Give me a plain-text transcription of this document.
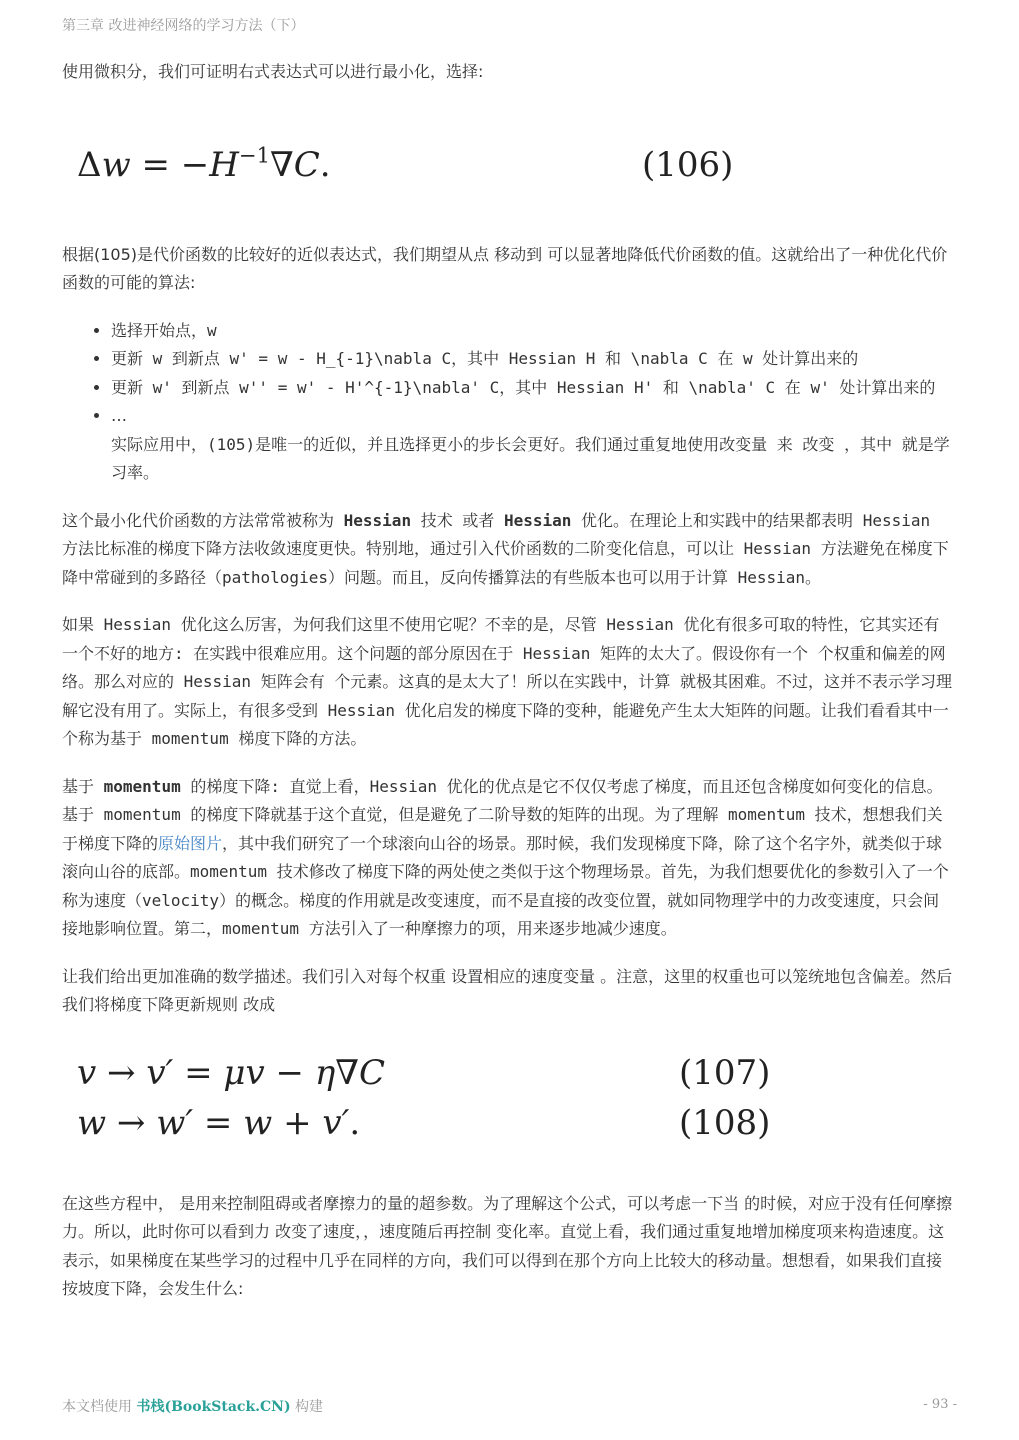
第三章 改进神经网络的学习方法（下）

使用微积分，我们可证明右式表达式可以进行最小化，选择:

$\Delta w = -H^{-1}\nabla C$.	(106)

根据(105)是代价函数的比较好的近似表达式，我们期望从点 移动到 可以显著地降低代价函数的值。这就给出了一种优化代价函数的可能的算法:

• 选择开始点，w
• 更新 w 到新点 w' = w - H_{-1}\nabla C，其中 Hessian H 和 \nabla C 在 w 处计算出来的
• 更新 w' 到新点 w'' = w' - H'^{-1}\nabla' C，其中 Hessian H' 和 \nabla' C 在 w' 处计算出来的
• …
实际应用中，(105)是唯一的近似，并且选择更小的步长会更好。我们通过重复地使用改变量 来 改变 ，其中 就是学习率。

这个最小化代价函数的方法常常被称为 Hessian 技术 或者 Hessian 优化。在理论上和实践中的结果都表明 Hessian 方法比标准的梯度下降方法收敛速度更快。特别地，通过引入代价函数的二阶变化信息，可以让 Hessian 方法避免在梯度下降中常碰到的多路径（pathologies）问题。而且，反向传播算法的有些版本也可以用于计算 Hessian。

如果 Hessian 优化这么厉害，为何我们这里不使用它呢？不幸的是，尽管 Hessian 优化有很多可取的特性，它其实还有一个不好的地方: 在实践中很难应用。这个问题的部分原因在于 Hessian 矩阵的太大了。假设你有一个 个权重和偏差的网络。那么对应的 Hessian 矩阵会有 个元素。这真的是太大了！所以在实践中，计算 就极其困难。不过，这并不表示学习理解它没有用了。实际上，有很多受到 Hessian 优化启发的梯度下降的变种，能避免产生太大矩阵的问题。让我们看看其中一个称为基于 momentum 梯度下降的方法。

基于 momentum 的梯度下降: 直觉上看，Hessian 优化的优点是它不仅仅考虑了梯度，而且还包含梯度如何变化的信息。基于 momentum 的梯度下降就基于这个直觉，但是避免了二阶导数的矩阵的出现。为了理解 momentum 技术，想想我们关于梯度下降的原始图片，其中我们研究了一个球滚向山谷的场景。那时候，我们发现梯度下降，除了这个名字外，就类似于球滚向山谷的底部。momentum 技术修改了梯度下降的两处使之类似于这个物理场景。首先，为我们想要优化的参数引入了一个称为速度（velocity）的概念。梯度的作用就是改变速度，而不是直接的改变位置，就如同物理学中的力改变速度，只会间接地影响位置。第二，momentum 方法引入了一种摩擦力的项，用来逐步地减少速度。

让我们给出更加准确的数学描述。我们引入对每个权重 设置相应的速度变量 。注意，这里的权重也可以笼统地包含偏差。然后我们将梯度下降更新规则 改成

v → v′ = μv − η∇C	(107)
w → w′ = w + v′.	(108)

在这些方程中， 是用来控制阻碍或者摩擦力的量的超参数。为了理解这个公式，可以考虑一下当 的时候，对应于没有任何摩擦力。所以，此时你可以看到力 改变了速度，，速度随后再控制 变化率。直觉上看，我们通过重复地增加梯度项来构造速度。这表示，如果梯度在某些学习的过程中几乎在同样的方向，我们可以得到在那个方向上比较大的移动量。想想看，如果我们直接按坡度下降，会发生什么:

本文档使用 书栈(BookStack.CN) 构建	- 93 -
